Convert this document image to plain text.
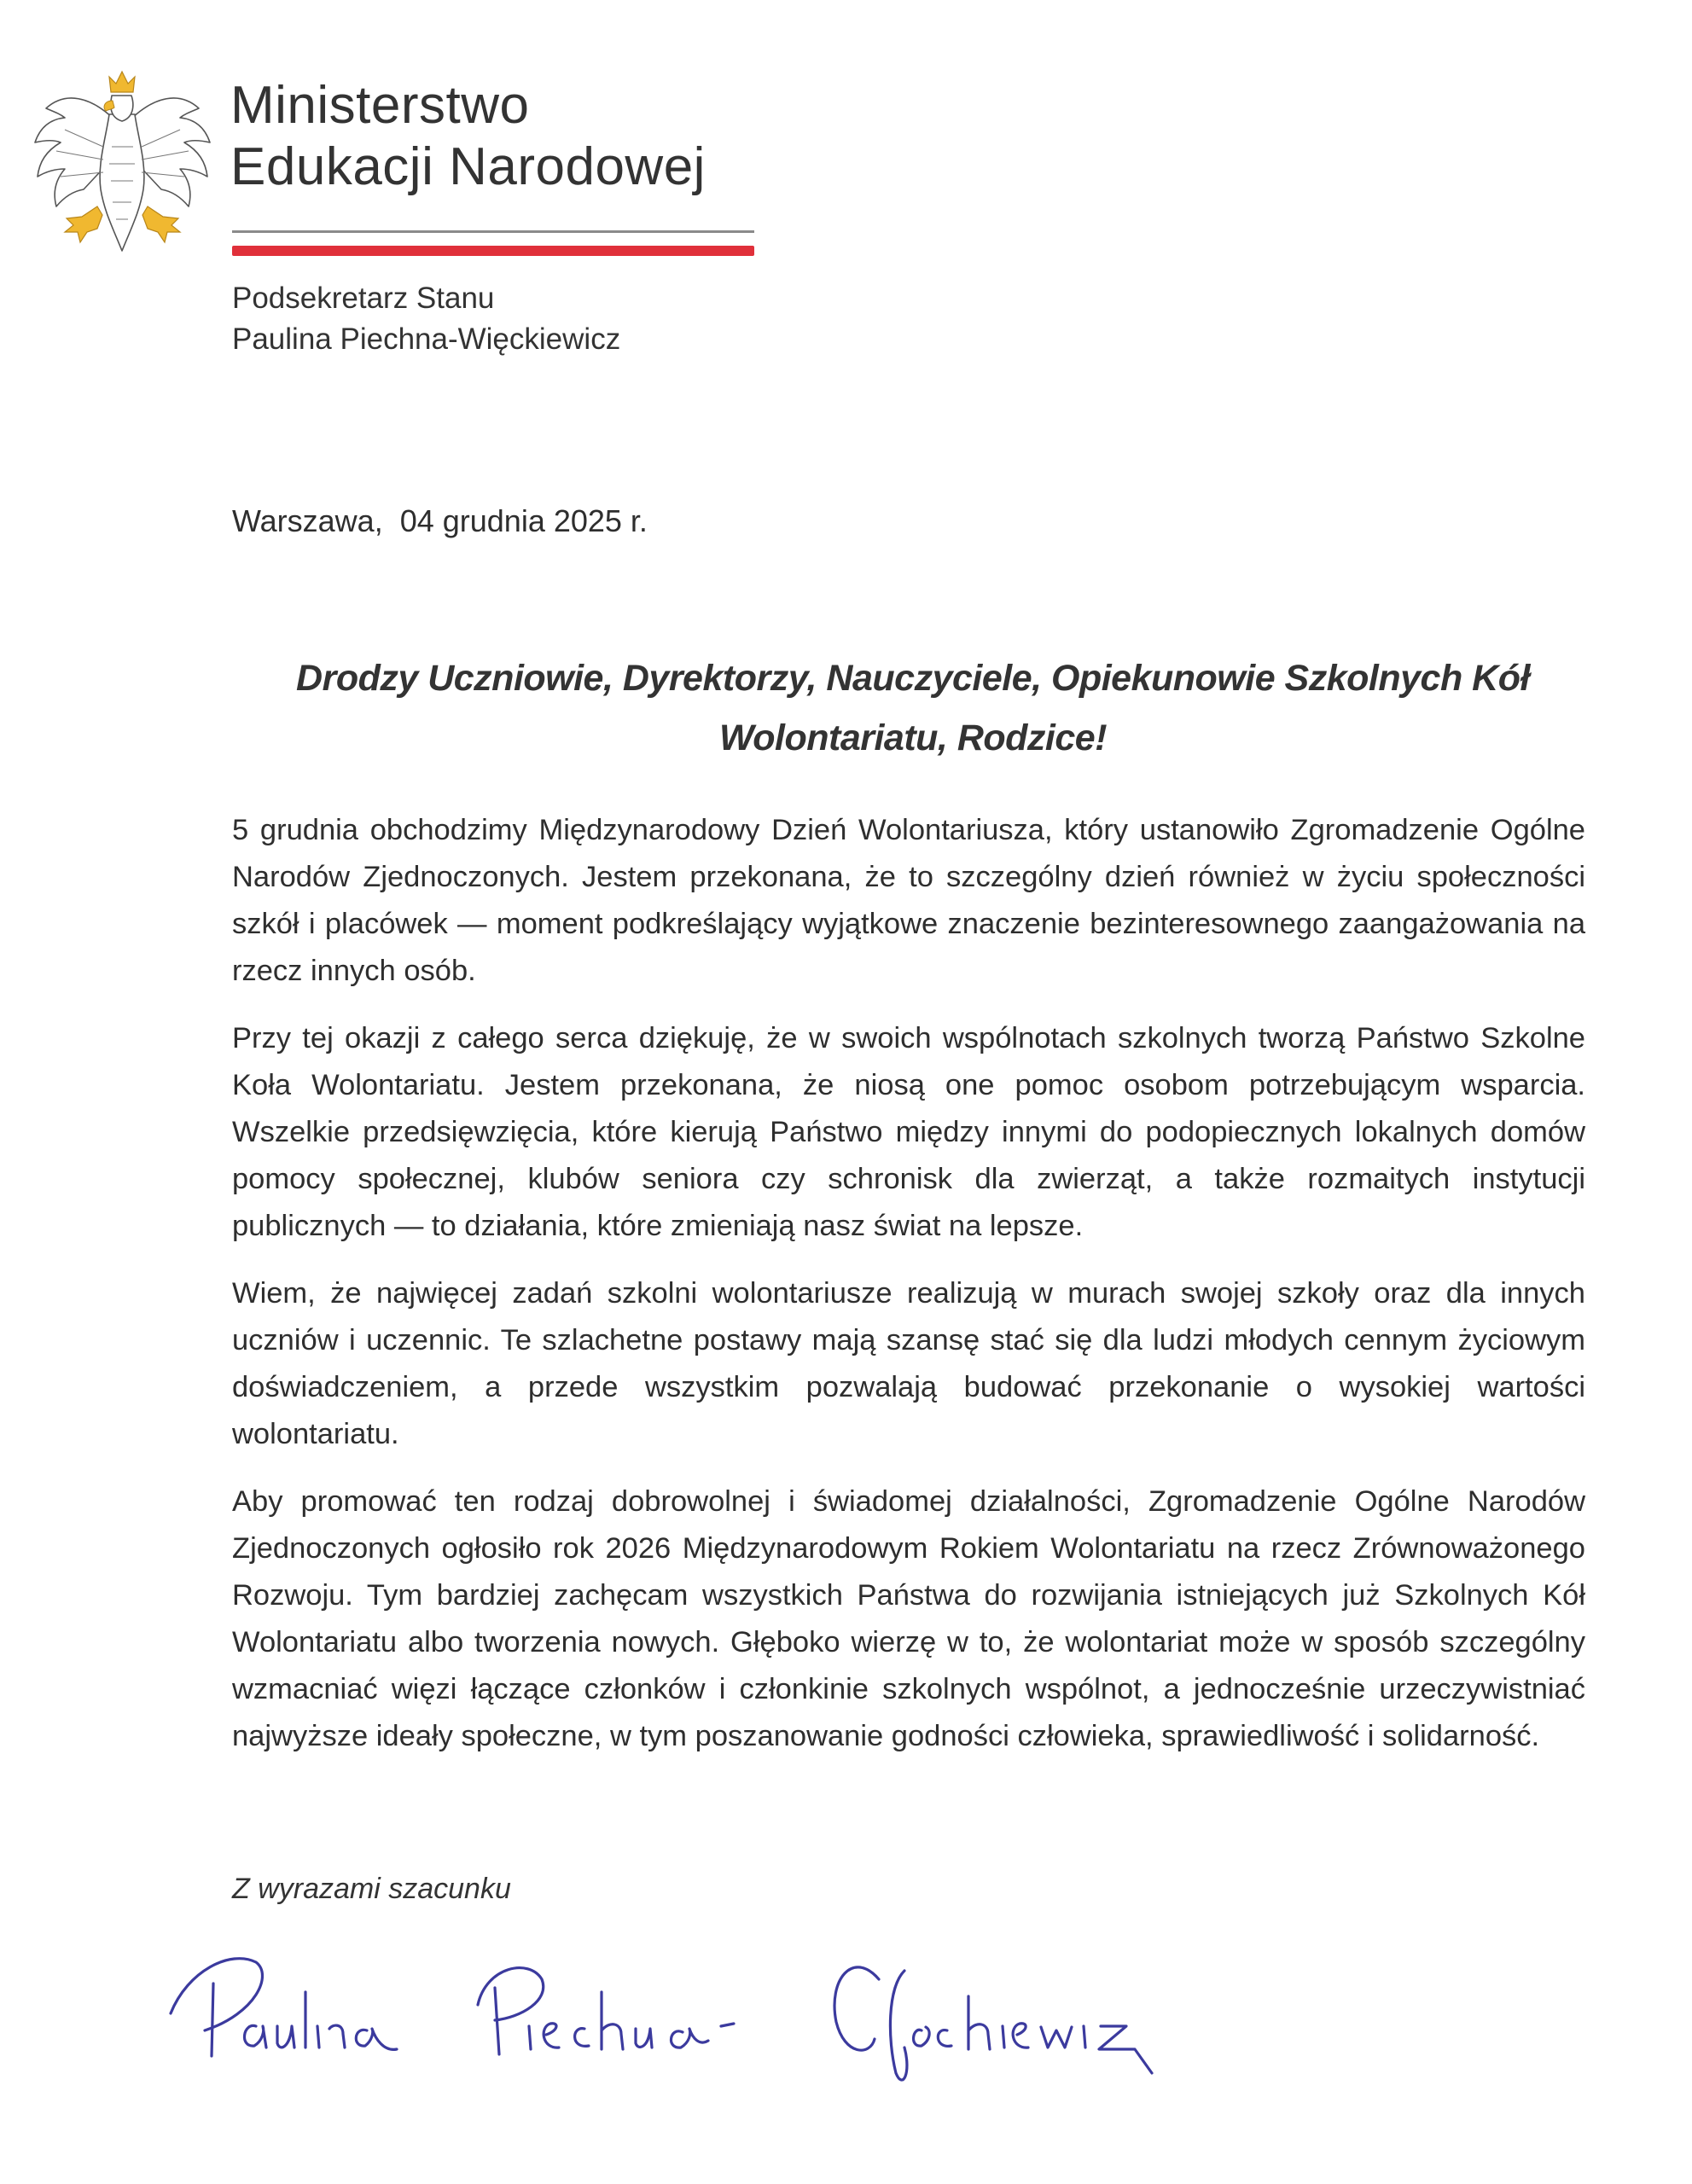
Ministerstwo
Edukacji Narodowej
Podsekretarz Stanu
Paulina Piechna-Więckiewicz
Warszawa,  04 grudnia 2025 r.
Drodzy Uczniowie, Dyrektorzy, Nauczyciele, Opiekunowie Szkolnych Kół
Wolontariatu, Rodzice!

5 grudnia obchodzimy Międzynarodowy Dzień Wolontariusza, który ustanowiło Zgromadzenie Ogólne Narodów Zjednoczonych. Jestem przekonana, że to szczególny dzień również w życiu społeczności szkół i placówek — moment podkreślający wyjątkowe znaczenie bezinteresownego zaangażowania na rzecz innych osób.

Przy tej okazji z całego serca dziękuję, że w swoich wspólnotach szkolnych tworzą Państwo Szkolne Koła Wolontariatu. Jestem przekonana, że niosą one pomoc osobom potrzebującym wsparcia. Wszelkie przedsięwzięcia, które kierują Państwo między innymi do podopiecznych lokalnych domów pomocy społecznej, klubów seniora czy schronisk dla zwierząt, a także rozmaitych instytucji publicznych — to działania, które zmieniają nasz świat na lepsze.

Wiem, że najwięcej zadań szkolni wolontariusze realizują w murach swojej szkoły oraz dla innych uczniów i uczennic. Te szlachetne postawy mają szansę stać się dla ludzi młodych cennym życiowym doświadczeniem, a przede wszystkim pozwalają budować przekonanie o wysokiej wartości wolontariatu.

Aby promować ten rodzaj dobrowolnej i świadomej działalności, Zgromadzenie Ogólne Narodów Zjednoczonych ogłosiło rok 2026 Międzynarodowym Rokiem Wolontariatu na rzecz Zrównoważonego Rozwoju. Tym bardziej zachęcam wszystkich Państwa do rozwijania istniejących już Szkolnych Kół Wolontariatu albo tworzenia nowych. Głęboko wierzę w to, że wolontariat może w sposób szczególny wzmacniać więzi łączące członków i członkinie szkolnych wspólnot, a jednocześnie urzeczywistniać najwyższe ideały społeczne, w tym poszanowanie godności człowieka, sprawiedliwość i solidarność.

Z wyrazami szacunku
